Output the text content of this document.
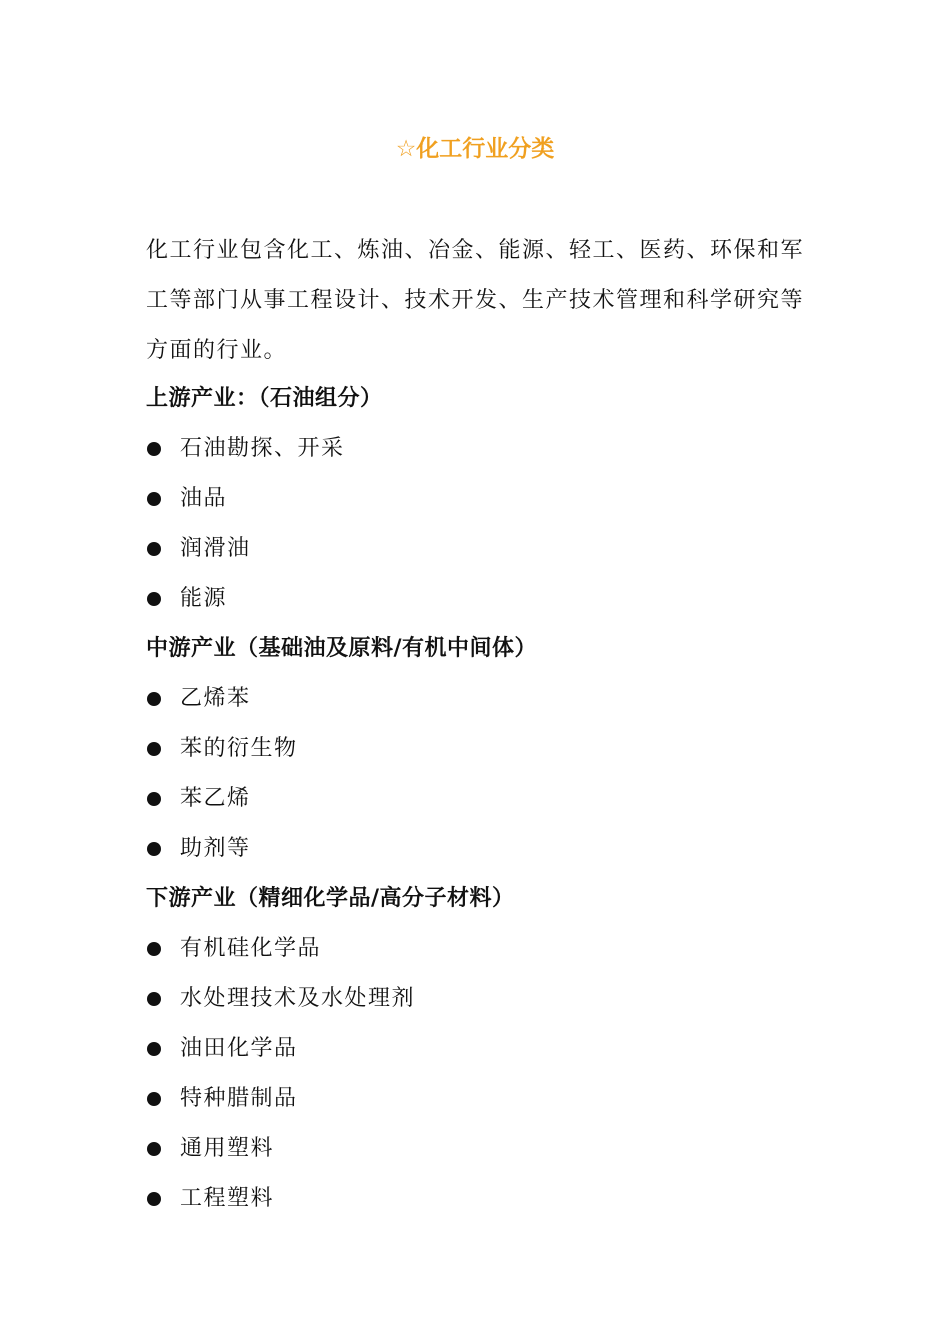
☆化工行业分类
化工行业包含化工、炼油、冶金、能源、轻工、医药、环保和军工等部门从事工程设计、技术开发、生产技术管理和科学研究等方面的行业。
上游产业：（石油组分）
石油勘探、开采
油品
润滑油
能源
中游产业（基础油及原料/有机中间体）
乙烯苯
苯的衍生物
苯乙烯
助剂等
下游产业（精细化学品/高分子材料）
有机硅化学品
水处理技术及水处理剂
油田化学品
特种腊制品
通用塑料
工程塑料
